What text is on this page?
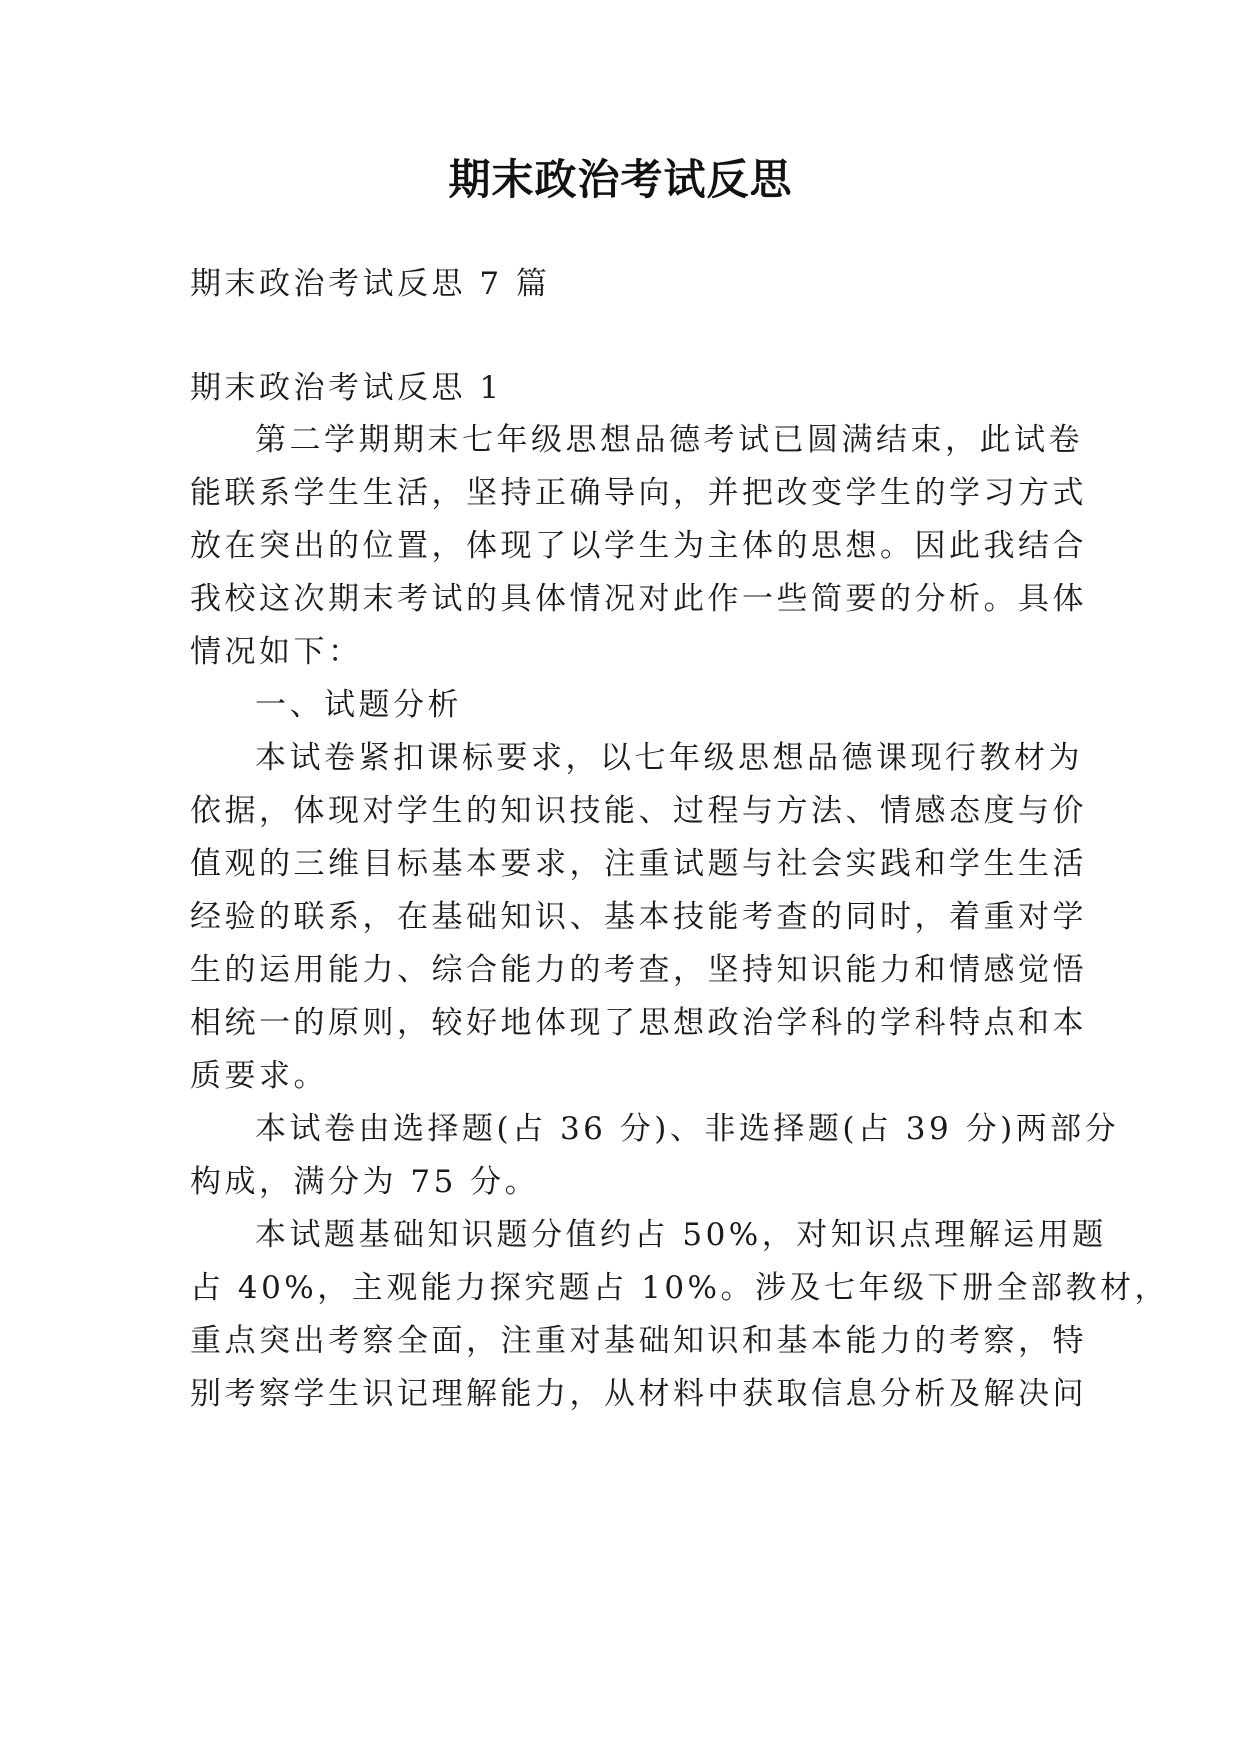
期末政治考试反思

期末政治考试反思 7 篇

期末政治考试反思 1

第二学期期末七年级思想品德考试已圆满结束，此试卷

能联系学生生活，坚持正确导向，并把改变学生的学习方式

放在突出的位置，体现了以学生为主体的思想。因此我结合

我校这次期末考试的具体情况对此作一些简要的分析。具体

情况如下：

一、试题分析

本试卷紧扣课标要求，以七年级思想品德课现行教材为

依据，体现对学生的知识技能、过程与方法、情感态度与价

值观的三维目标基本要求，注重试题与社会实践和学生生活

经验的联系，在基础知识、基本技能考查的同时，着重对学

生的运用能力、综合能力的考查，坚持知识能力和情感觉悟

相统一的原则，较好地体现了思想政治学科的学科特点和本

质要求。

本试卷由选择题(占 36 分)、非选择题(占 39 分)两部分

构成，满分为 75 分。

本试题基础知识题分值约占 50%，对知识点理解运用题

占 40%，主观能力探究题占 10%。涉及七年级下册全部教材，

重点突出考察全面，注重对基础知识和基本能力的考察，特

别考察学生识记理解能力，从材料中获取信息分析及解决问
